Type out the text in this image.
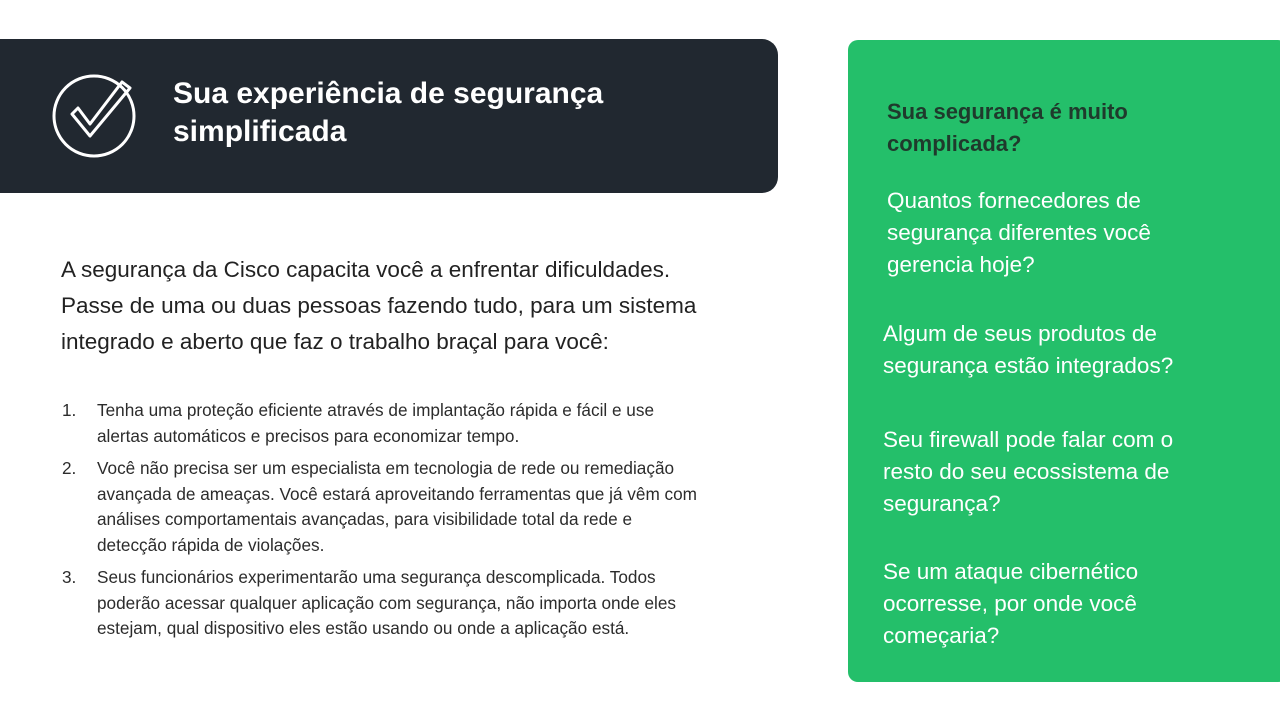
Sua experiência de segurança
simplificada
A segurança da Cisco capacita você a enfrentar dificuldades.
Passe de uma ou duas pessoas fazendo tudo, para um sistema
integrado e aberto que faz o trabalho braçal para você:
1. Tenha uma proteção eficiente através de implantação rápida e fácil e use
alertas automáticos e precisos para economizar tempo.
2. Você não precisa ser um especialista em tecnologia de rede ou remediação
avançada de ameaças. Você estará aproveitando ferramentas que já vêm com
análises comportamentais avançadas, para visibilidade total da rede e
detecção rápida de violações.
3. Seus funcionários experimentarão uma segurança descomplicada. Todos
poderão acessar qualquer aplicação com segurança, não importa onde eles
estejam, qual dispositivo eles estão usando ou onde a aplicação está.
Sua segurança é muito
complicada?
Quantos fornecedores de
segurança diferentes você
gerencia hoje?
Algum de seus produtos de
segurança estão integrados?
Seu firewall pode falar com o
resto do seu ecossistema de
segurança?
Se um ataque cibernético
ocorresse, por onde você
começaria?
